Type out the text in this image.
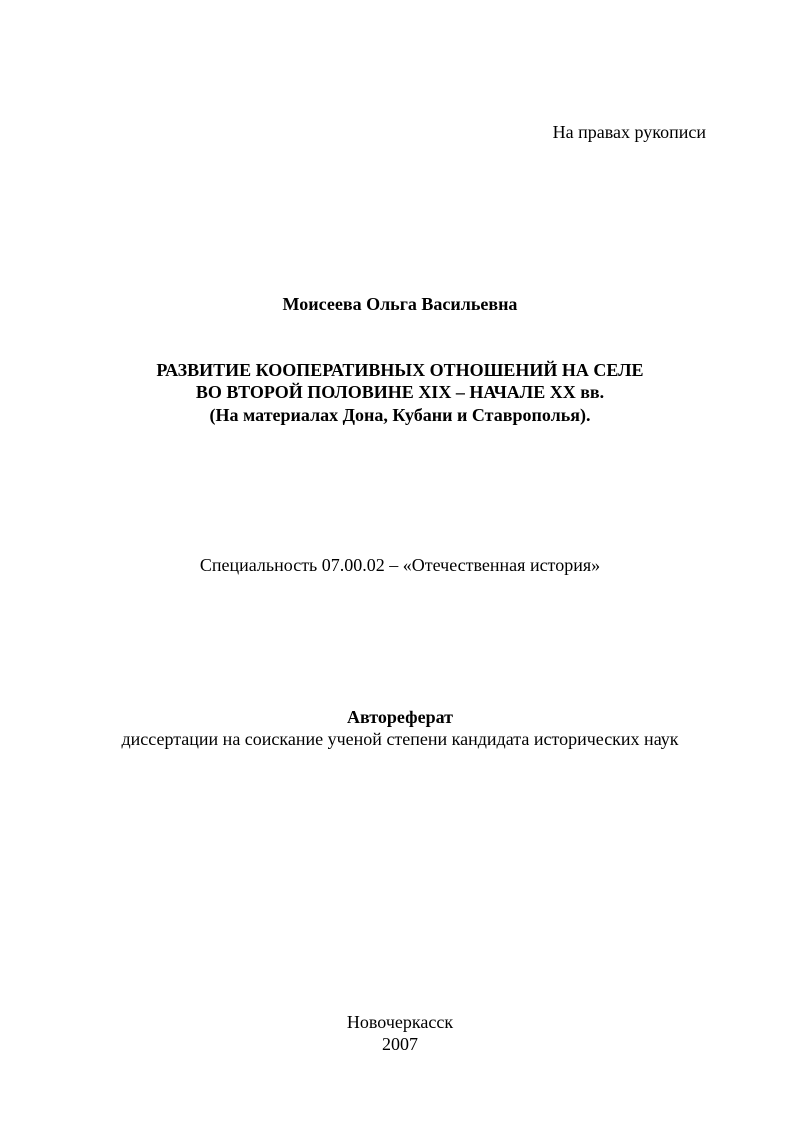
На правах рукописи
Моисеева Ольга Васильевна
РАЗВИТИЕ КООПЕРАТИВНЫХ ОТНОШЕНИЙ НА СЕЛЕ
ВО ВТОРОЙ ПОЛОВИНЕ XIX – НАЧАЛЕ XX вв.
(На материалах Дона, Кубани и Ставрополья).
Специальность 07.00.02 – «Отечественная история»
Автореферат
диссертации на соискание ученой степени кандидата исторических наук
Новочеркасск
2007
